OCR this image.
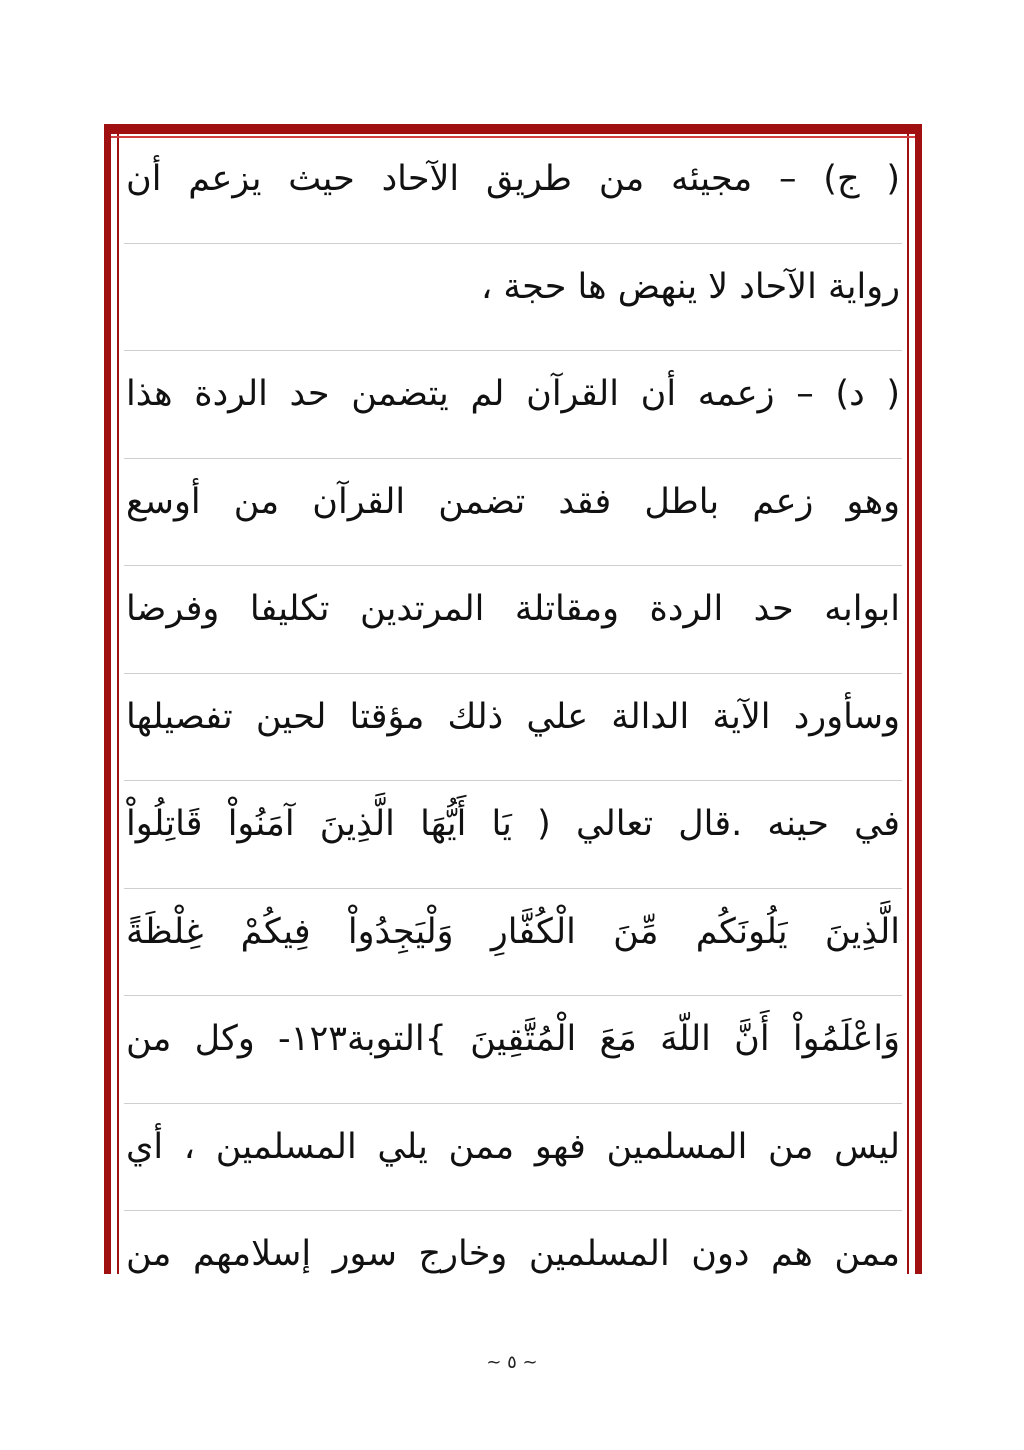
( ج) – مجيئه من طريق الآحاد حيث يزعم أن
رواية الآحاد لا ينهض ها حجة ،
( د) – زعمه أن القرآن لم يتضمن حد الردة هذا
وهو زعم باطل فقد تضمن القرآن من أوسع
ابوابه حد الردة ومقاتلة المرتدين تكليفا وفرضا
وسأورد الآية الدالة علي ذلك مؤقتا لحين تفصيلها
في حينه .قال تعالي ( يَا أَيُّهَا الَّذِينَ آمَنُواْ قَاتِلُواْ
الَّذِينَ يَلُونَكُم مِّنَ الْكُفَّارِ وَلْيَجِدُواْ فِيكُمْ غِلْظَةً
وَاعْلَمُواْ أَنَّ اللّهَ مَعَ الْمُتَّقِينَ }التوبة١٢٣- وكل من
ليس من المسلمين فهو ممن يلي المسلمين ، أي
ممن هم دون المسلمين وخارج سور إسلامهم من
~ ٥ ~
